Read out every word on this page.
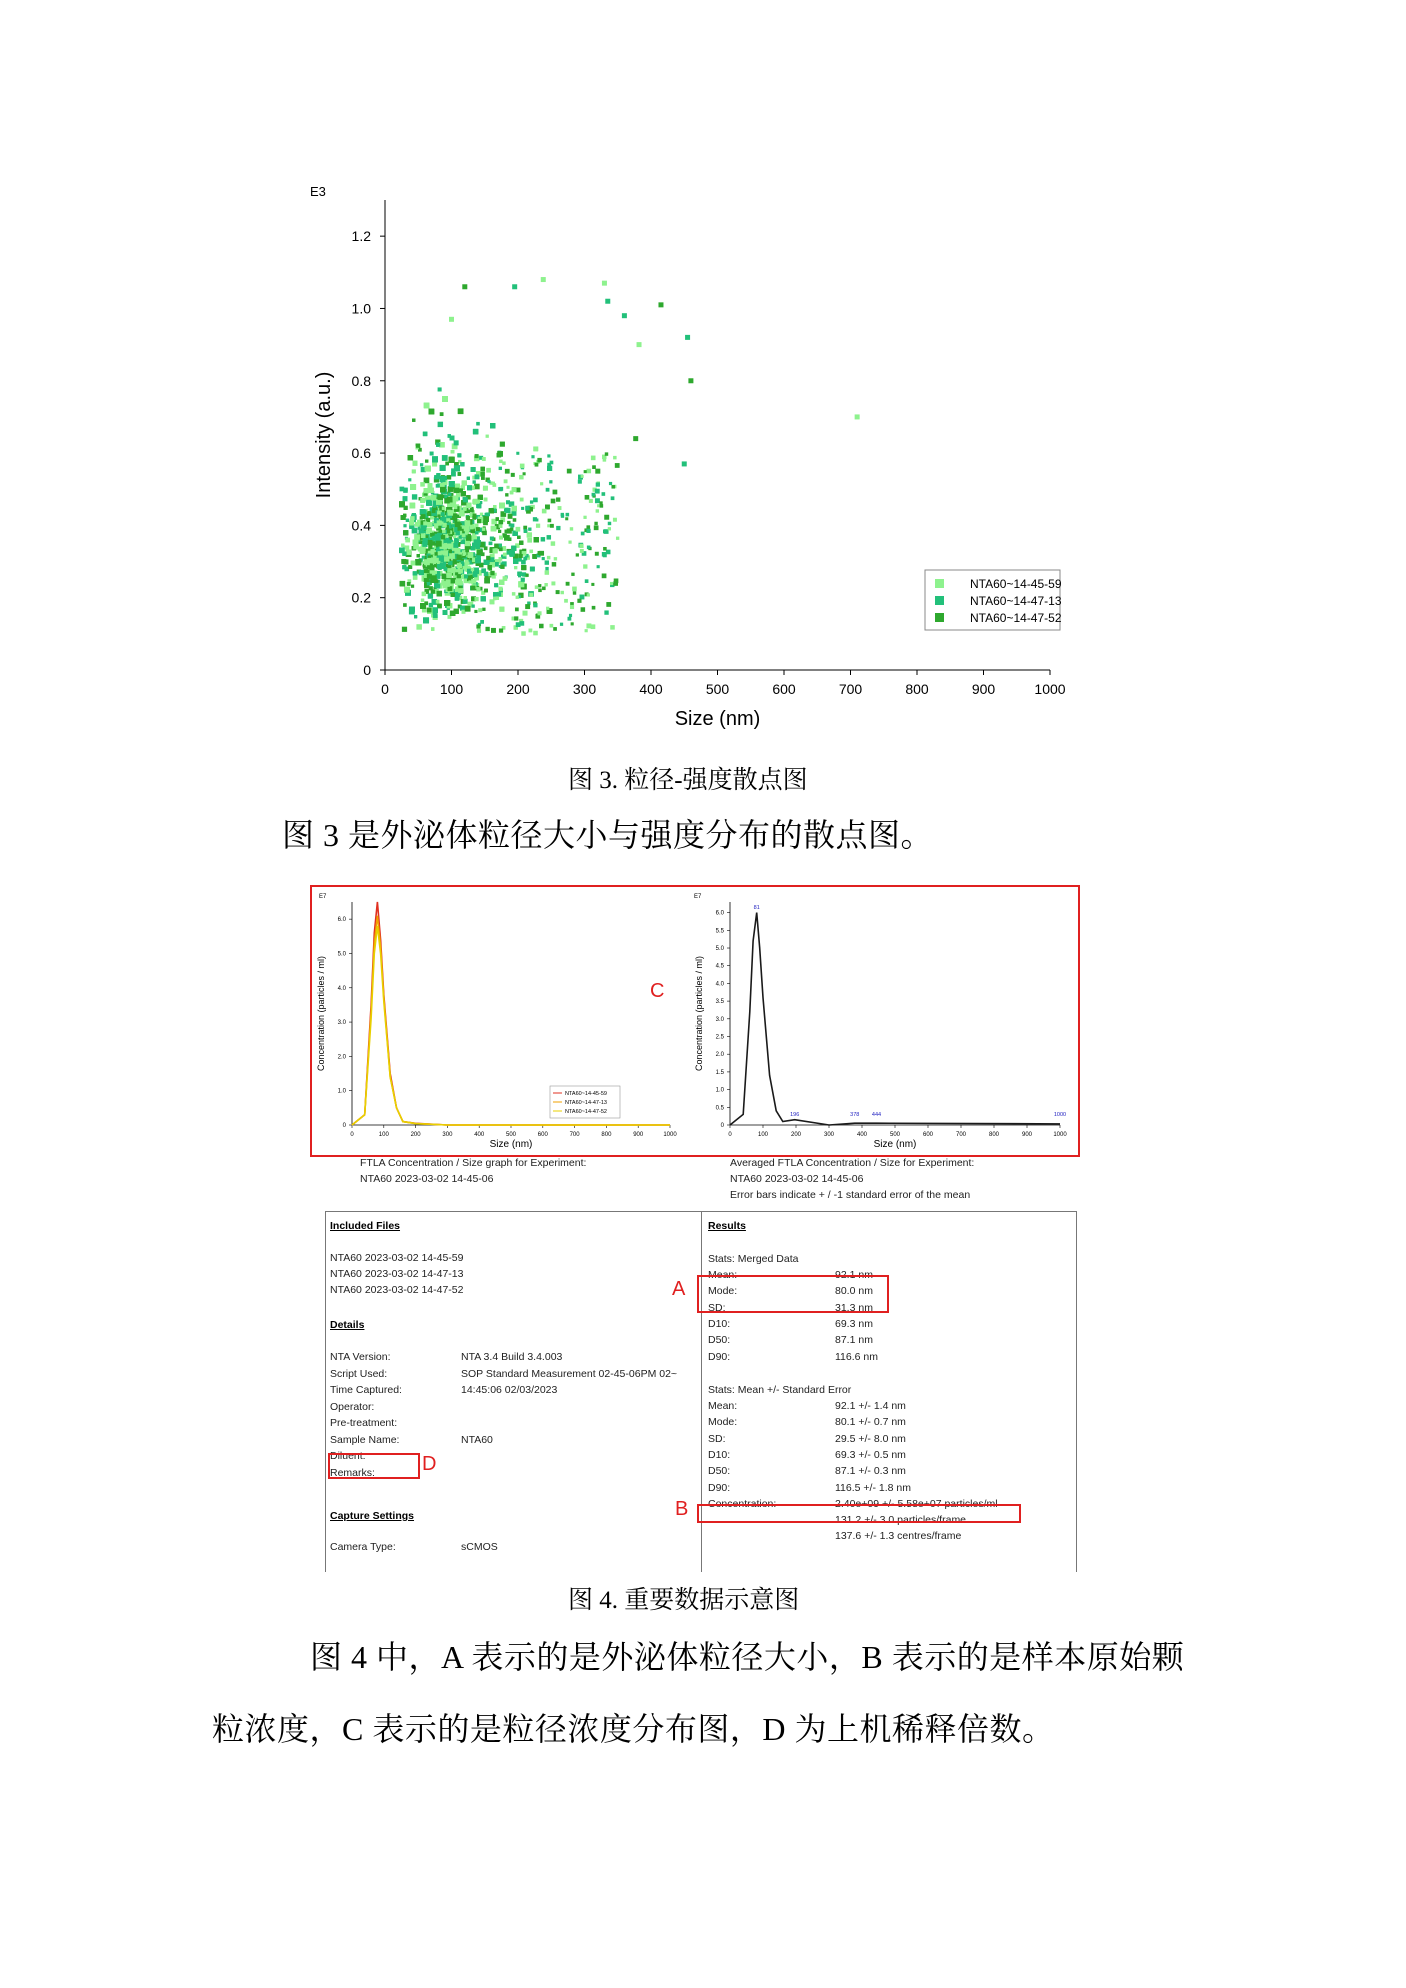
0	100	200	300	400	500	600	700	800	900	1000
0
0.2
0.4
0.6
0.8
1.0
1.2
E3
Size (nm)
Intensity (a.u.)
NTA60~14-45-59
NTA60~14-47-13
NTA60~14-47-52
图 3. 粒径-强度散点图
图 3 是外泌体粒径大小与强度分布的散点图。
C
0	100	200	300	400	500	600	700	800	900	1000
0
1.0
2.0
3.0
4.0
5.0
6.0
E7
Size (nm)
Concentration (particles / ml)
NTA60~14-45-59
NTA60~14-47-13
NTA60~14-47-52
0	100	200	300	400	500	600	700	800	900	1000
0
0.5
1.0
1.5
2.0
2.5
3.0
3.5
4.0
4.5
5.0
5.5
6.0
E7
Size (nm)
Concentration (particles / ml)
81
196	378 444	1000
FTLA Concentration / Size graph for Experiment:
NTA60 2023-03-02 14-45-06
Averaged FTLA Concentration / Size for Experiment:
NTA60 2023-03-02 14-45-06
Error bars indicate + / -1 standard error of the mean
Included Files
NTA60 2023-03-02 14-45-59
NTA60 2023-03-02 14-47-13
NTA60 2023-03-02 14-47-52
Details
NTA Version:	NTA 3.4 Build 3.4.003
Script Used:	SOP Standard Measurement 02-45-06PM 02~
Time Captured:	14:45:06 02/03/2023
Operator:
Pre-treatment:
Sample Name:	NTA60
Diluent:
Remarks:
Capture Settings
Camera Type:	sCMOS
Results
Stats: Merged Data
Mean:	92.1 nm
Mode:	80.0 nm
SD:	31.3 nm
D10:	69.3 nm
D50:	87.1 nm
D90:	116.6 nm
Stats: Mean +/- Standard Error
Mean:	92.1 +/- 1.4 nm
Mode:	80.1 +/- 0.7 nm
SD:	29.5 +/- 8.0 nm
D10:	69.3 +/- 0.5 nm
D50:	87.1 +/- 0.3 nm
D90:	116.5 +/- 1.8 nm
Concentration:	2.40e+09 +/- 5.58e+07 particles/ml
131.2 +/- 3.0 particles/frame
137.6 +/- 1.3 centres/frame
A
B
D
图 4. 重要数据示意图
图 4 中，A 表示的是外泌体粒径大小，B 表示的是样本原始颗
粒浓度，C 表示的是粒径浓度分布图，D 为上机稀释倍数。
